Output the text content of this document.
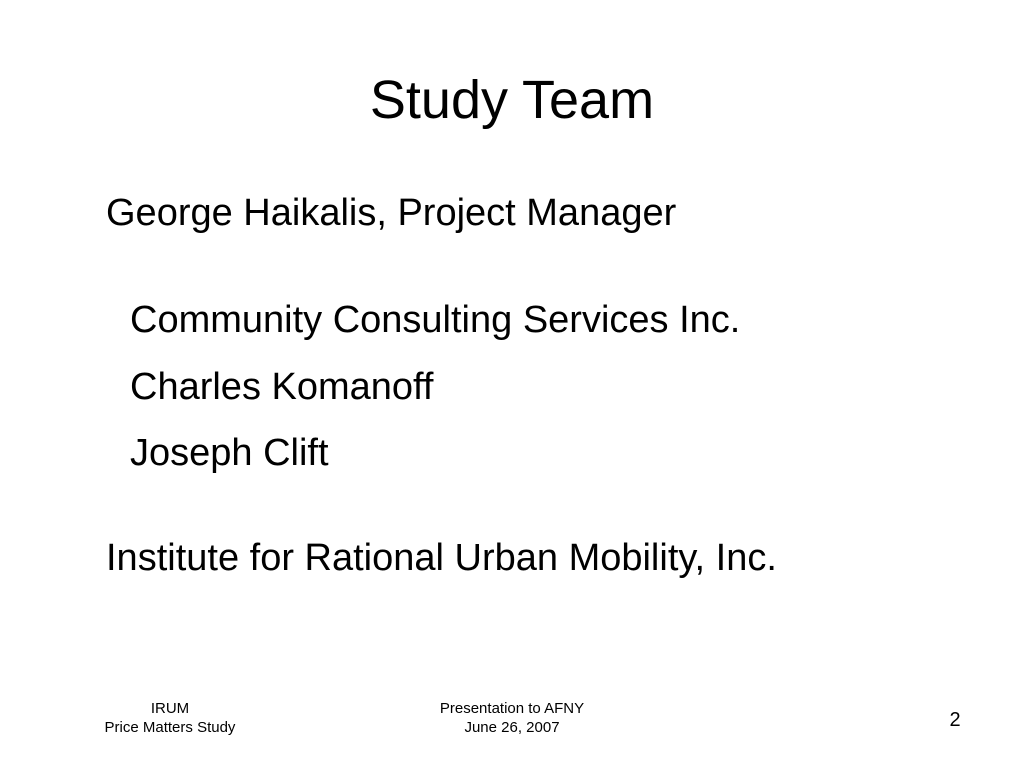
Study Team
George Haikalis, Project Manager
Community Consulting Services Inc.
Charles Komanoff
Joseph Clift
Institute for Rational Urban Mobility, Inc.
IRUM
Price Matters Study
Presentation to AFNY
June 26, 2007	2
